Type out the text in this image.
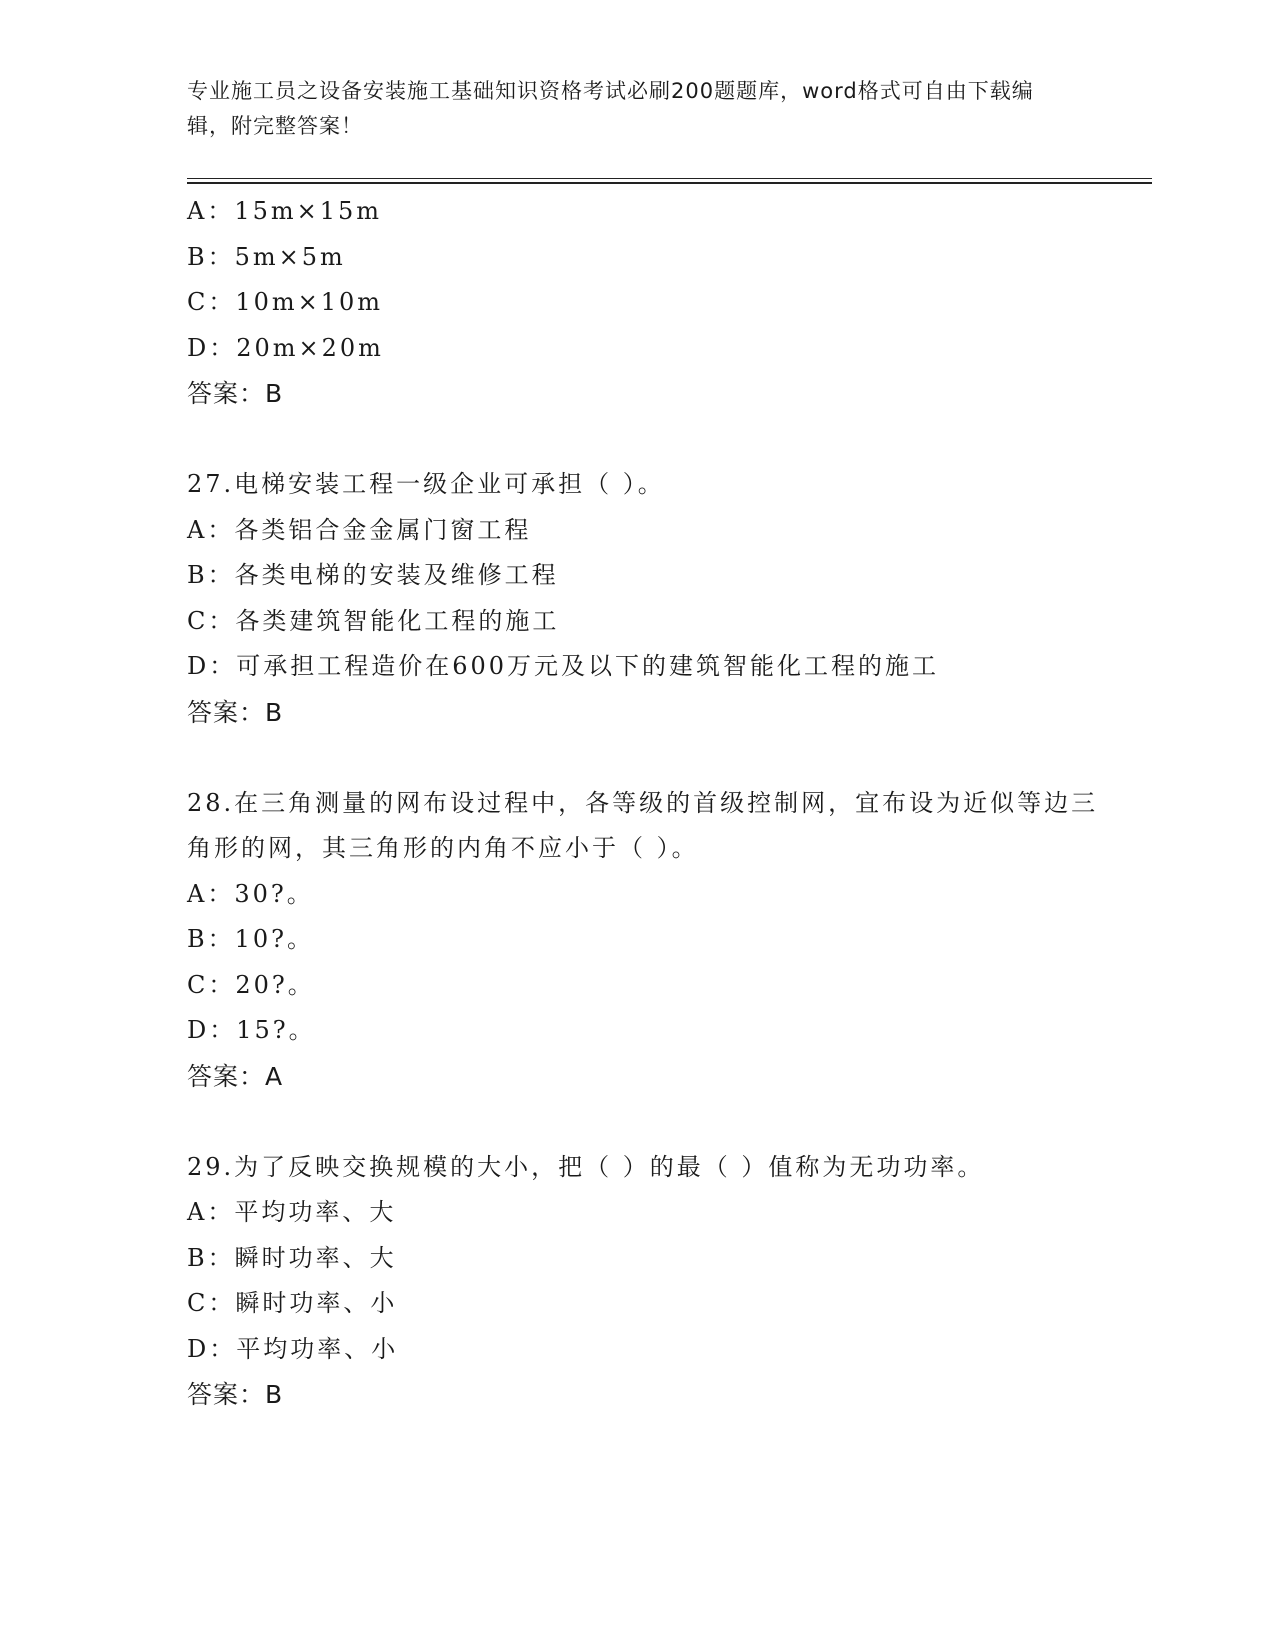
专业施工员之设备安装施工基础知识资格考试必刷200题题库，word格式可自由下载编辑，附完整答案！
A：15m×15m
B：5m×5m
C：10m×10m
D：20m×20m
答案：B
27.电梯安装工程一级企业可承担（ ）。
A：各类铝合金金属门窗工程
B：各类电梯的安装及维修工程
C：各类建筑智能化工程的施工
D：可承担工程造价在600万元及以下的建筑智能化工程的施工
答案：B
28.在三角测量的网布设过程中，各等级的首级控制网，宜布设为近似等边三角形的网，其三角形的内角不应小于（ ）。
A：30?。
B：10?。
C：20?。
D：15?。
答案：A
29.为了反映交换规模的大小，把（ ）的最（ ）值称为无功功率。
A：平均功率、大
B：瞬时功率、大
C：瞬时功率、小
D：平均功率、小
答案：B
